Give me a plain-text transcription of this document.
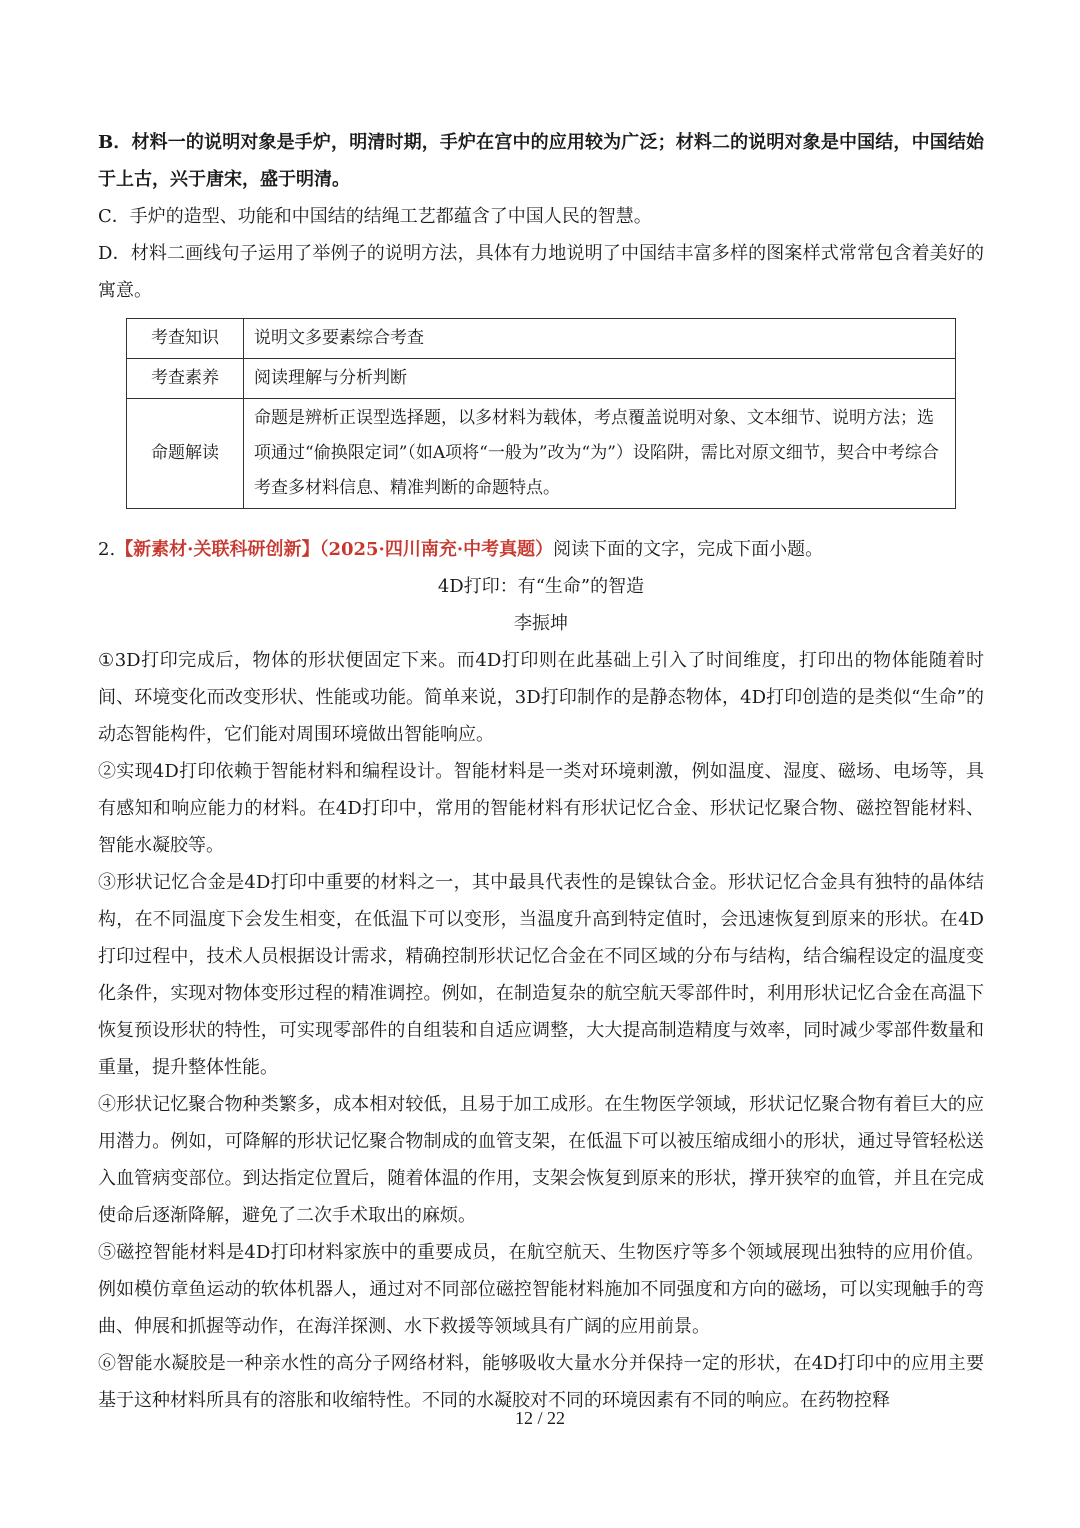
B．材料一的说明对象是手炉，明清时期，手炉在宫中的应用较为广泛；材料二的说明对象是中国结，中国结始于上古，兴于唐宋，盛于明清。

C．手炉的造型、功能和中国结的结绳工艺都蕴含了中国人民的智慧。

D．材料二画线句子运用了举例子的说明方法，具体有力地说明了中国结丰富多样的图案样式常常包含着美好的寓意。

考查知识	说明文多要素综合考查
考查素养	阅读理解与分析判断
命题解读	命题是辨析正误型选择题，以多材料为载体，考点覆盖说明对象、文本细节、说明方法；选项通过“偷换限定词”（如A项将“一般为”改为“为”）设陷阱，需比对原文细节，契合中考综合考查多材料信息、精准判断的命题特点。
2.【新素材·关联科研创新】（2025·四川南充·中考真题）阅读下面的文字，完成下面小题。

4D打印：有“生命”的智造

李振坤

①3D打印完成后，物体的形状便固定下来。而4D打印则在此基础上引入了时间维度，打印出的物体能随着时间、环境变化而改变形状、性能或功能。简单来说，3D打印制作的是静态物体，4D打印创造的是类似“生命”的动态智能构件，它们能对周围环境做出智能响应。

②实现4D打印依赖于智能材料和编程设计。智能材料是一类对环境刺激，例如温度、湿度、磁场、电场等，具有感知和响应能力的材料。在4D打印中，常用的智能材料有形状记忆合金、形状记忆聚合物、磁控智能材料、智能水凝胶等。

③形状记忆合金是4D打印中重要的材料之一，其中最具代表性的是镍钛合金。形状记忆合金具有独特的晶体结构，在不同温度下会发生相变，在低温下可以变形，当温度升高到特定值时，会迅速恢复到原来的形状。在4D打印过程中，技术人员根据设计需求，精确控制形状记忆合金在不同区域的分布与结构，结合编程设定的温度变化条件，实现对物体变形过程的精准调控。例如，在制造复杂的航空航天零部件时，利用形状记忆合金在高温下恢复预设形状的特性，可实现零部件的自组装和自适应调整，大大提高制造精度与效率，同时减少零部件数量和重量，提升整体性能。

④形状记忆聚合物种类繁多，成本相对较低，且易于加工成形。在生物医学领域，形状记忆聚合物有着巨大的应用潜力。例如，可降解的形状记忆聚合物制成的血管支架，在低温下可以被压缩成细小的形状，通过导管轻松送入血管病变部位。到达指定位置后，随着体温的作用，支架会恢复到原来的形状，撑开狭窄的血管，并且在完成使命后逐渐降解，避免了二次手术取出的麻烦。

⑤磁控智能材料是4D打印材料家族中的重要成员，在航空航天、生物医疗等多个领域展现出独特的应用价值。例如模仿章鱼运动的软体机器人，通过对不同部位磁控智能材料施加不同强度和方向的磁场，可以实现触手的弯曲、伸展和抓握等动作，在海洋探测、水下救援等领域具有广阔的应用前景。

⑥智能水凝胶是一种亲水性的高分子网络材料，能够吸收大量水分并保持一定的形状，在4D打印中的应用主要基于这种材料所具有的溶胀和收缩特性。不同的水凝胶对不同的环境因素有不同的响应。在药物控释

12 / 22
